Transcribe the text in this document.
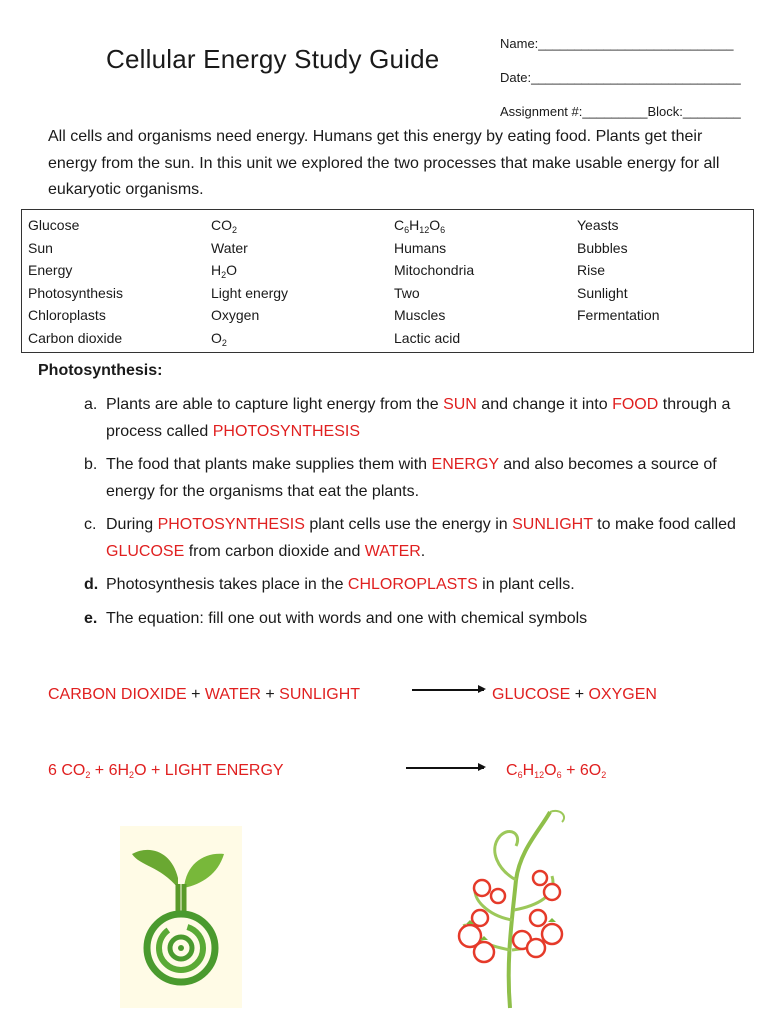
Cellular Energy Study Guide
Name:___________________________
Date:_____________________________
Assignment #:_________Block:________
All cells and organisms need energy. Humans get this energy by eating food. Plants get their energy from the sun. In this unit we explored the two processes that make usable energy for all eukaryotic organisms.
Glucose
Sun
Energy
Photosynthesis
Chloroplasts
Carbon dioxide
$CO_2$
Water
$H_2O$
Light energy
Oxygen
$O_2$
$C_6H_{12}O_6$
Humans
Mitochondria
Two
Muscles
Lactic acid
Yeasts
Bubbles
Rise
Sunlight
Fermentation
Photosynthesis:
a. Plants are able to capture light energy from the SUN and change it into FOOD through a process called PHOTOSYNTHESIS
b. The food that plants make supplies them with ENERGY and also becomes a source of energy for the organisms that eat the plants.
c. During PHOTOSYNTHESIS plant cells use the energy in SUNLIGHT to make food called
GLUCOSE from carbon dioxide and WATER.
d. Photosynthesis takes place in the CHLOROPLASTS in plant cells.
e. The equation: fill one out with words and one with chemical symbols
CARBON DIOXIDE + WATER + SUNLIGHT	GLUCOSE + OXYGEN
6 $CO_2 + 6H_2O$ + LIGHT ENERGY	$C_6H_{12}O_6 + 6O_2$
